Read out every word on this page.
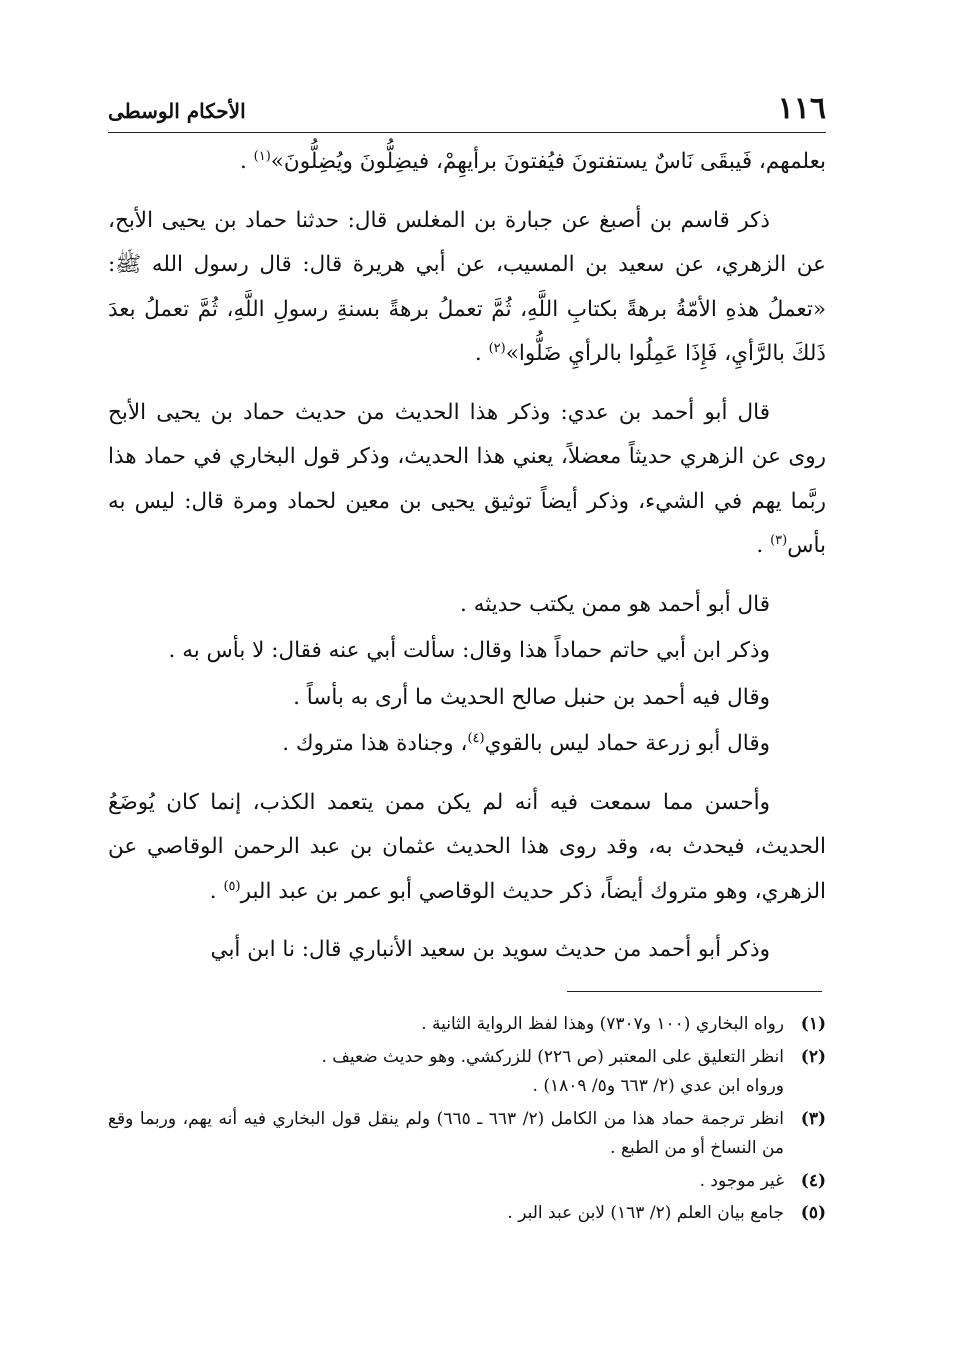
١١٦
الأحكام الوسطى

بعلمهم، فَيبقَى نَاسٌ يستفتونَ فيُفتونَ برأيهِمْ، فيضِلُّونَ ويُضِلُّونَ»$^{(١)}$ .

ذكر قاسم بن أصبغ عن جبارة بن المغلس قال: حدثنا حماد بن يحيى الأبح، عن الزهري، عن سعيد بن المسيب، عن أبي هريرة قال: قال رسول الله ﷺ: «تعملُ هذهِ الأمّةُ برهةً بكتابِ اللَّهِ، ثُمَّ تعملُ برهةً بسنةِ رسولِ اللَّهِ، ثُمَّ تعملُ بعدَ ذَلكَ بالرَّأيِ، فَإِذَا عَمِلُوا بالرأيِ ضَلُّوا»$^{(٢)}$ .

قال أبو أحمد بن عدي: وذكر هذا الحديث من حديث حماد بن يحيى الأبح روى عن الزهري حديثاً معضلاً، يعني هذا الحديث، وذكر قول البخاري في حماد هذا ربَّما يهم في الشيء، وذكر أيضاً توثيق يحيى بن معين لحماد ومرة قال: ليس به بأس$^{(٣)}$ .

قال أبو أحمد هو ممن يكتب حديثه .

وذكر ابن أبي حاتم حماداً هذا وقال: سألت أبي عنه فقال: لا بأس به .

وقال فيه أحمد بن حنبل صالح الحديث ما أرى به بأساً .

وقال أبو زرعة حماد ليس بالقوي$^{(٤)}$، وجنادة هذا متروك .

وأحسن مما سمعت فيه أنه لم يكن ممن يتعمد الكذب، إنما كان يُوضَعُ الحديث، فيحدث به، وقد روى هذا الحديث عثمان بن عبد الرحمن الوقاصي عن الزهري، وهو متروك أيضاً، ذكر حديث الوقاصي أبو عمر بن عبد البر$^{(٥)}$ .

وذكر أبو أحمد من حديث سويد بن سعيد الأنباري قال: نا ابن أبي

(١)
رواه البخاري (١٠٠ و٧٣٠٧) وهذا لفظ الرواية الثانية .
(٢)
انظر التعليق على المعتبر (ص ٢٢٦) للزركشي. وهو حديث ضعيف .
ورواه ابن عدي (٢/ ٦٦٣ و٥/ ١٨٠٩) .
(٣)
انظر ترجمة حماد هذا من الكامل (٢/ ٦٦٣ ـ ٦٦٥) ولم ينقل قول البخاري فيه أنه يهم، وربما وقع من النساخ أو من الطبع .
(٤)
غير موجود .
(٥)
جامع بيان العلم (٢/ ١٦٣) لابن عبد البر .
